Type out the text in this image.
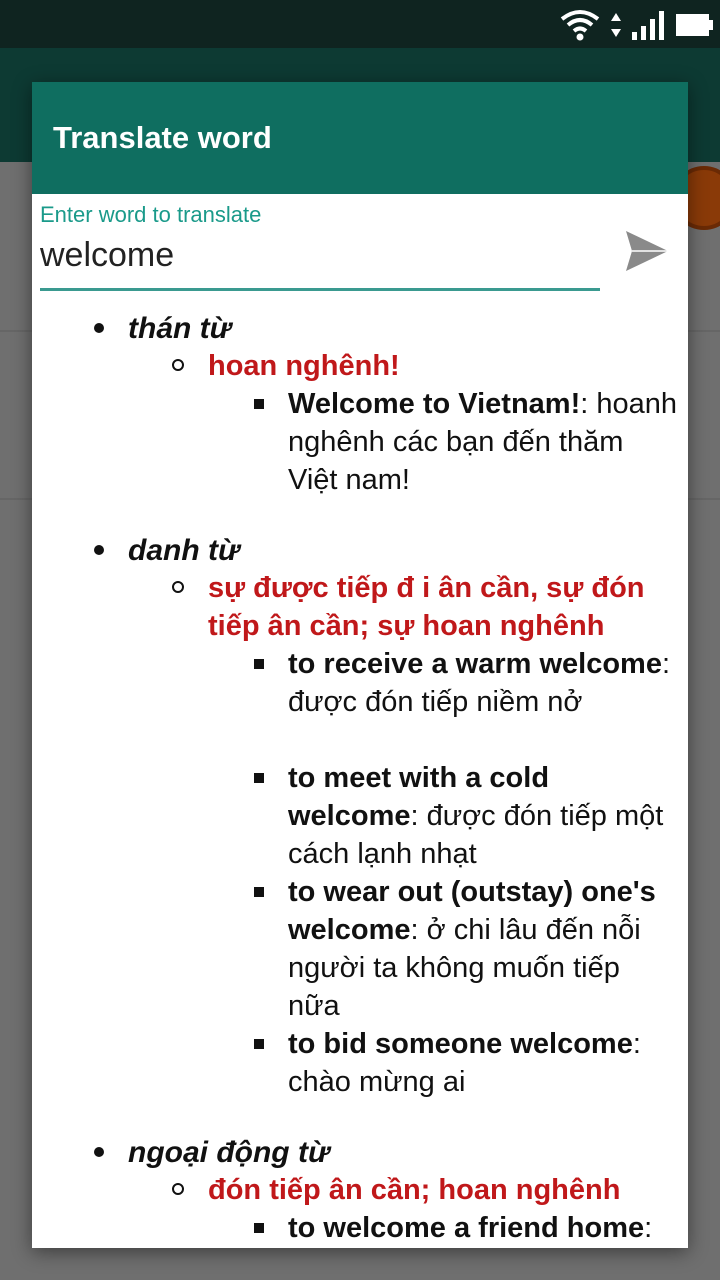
Translate word
Enter word to translate
welcome
thán từ
hoan nghênh!
Welcome to Vietnam!: hoanh nghênh các bạn đến thăm Việt nam!
danh từ
sự được tiếp đ i ân cần, sự đón tiếp ân cần; sự hoan nghênh
to receive a warm welcome: được đón tiếp niềm nở
to meet with a cold welcome: được đón tiếp một cách lạnh nhạt
to wear out (outstay) one's welcome: ở chi lâu đến nỗi người ta không muốn tiếp nữa
to bid someone welcome: chào mừng ai
ngoại động từ
đón tiếp ân cần; hoan nghênh
to welcome a friend home:
